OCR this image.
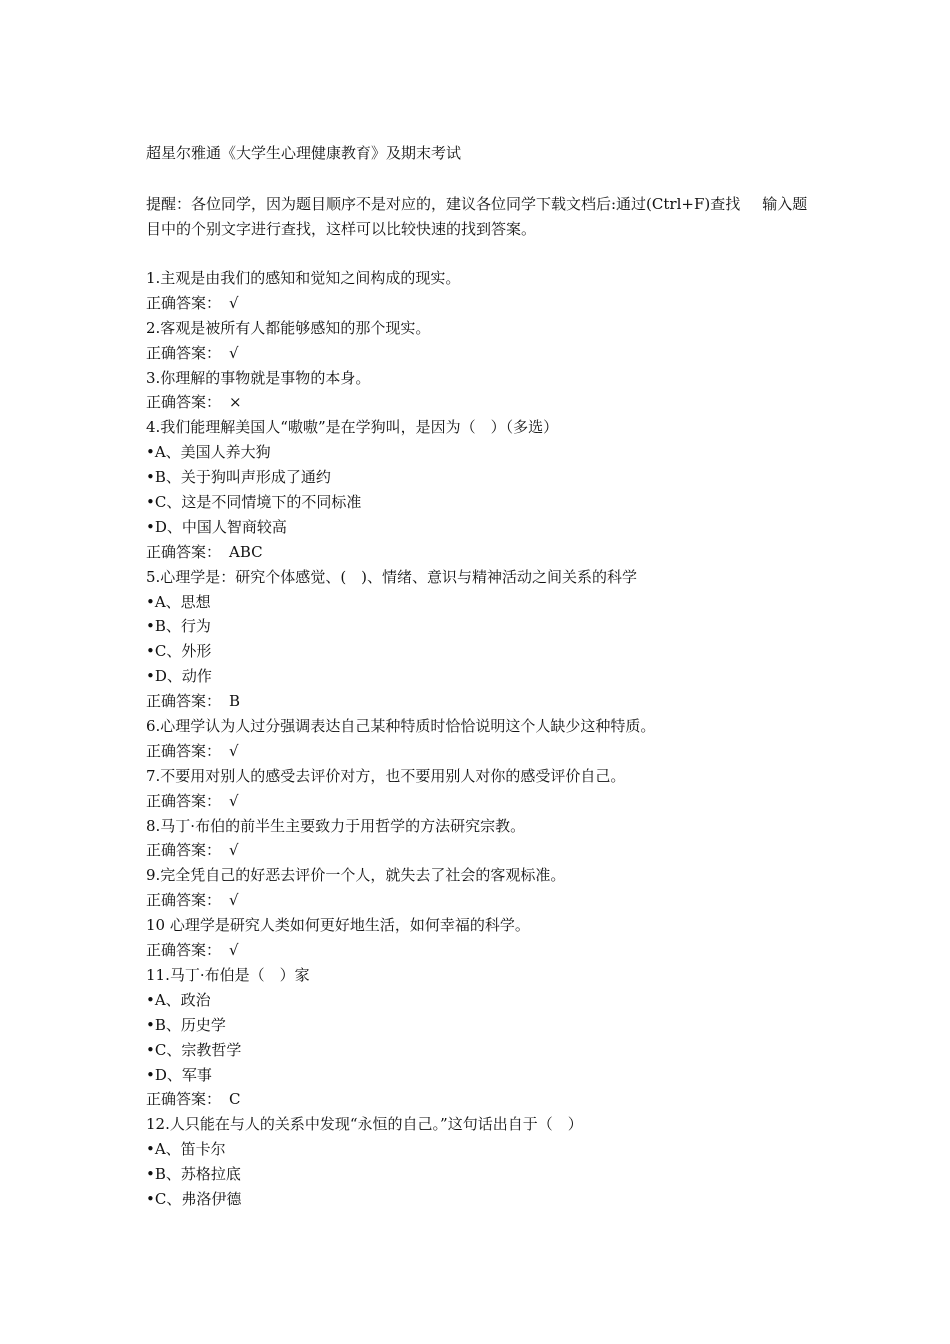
超星尔雅通《大学生心理健康教育》及期末考试
提醒：各位同学，因为题目顺序不是对应的，建议各位同学下载文档后:通过(Ctrl+F)查找 输入题目中的个别文字进行查找，这样可以比较快速的找到答案。
1.主观是由我们的感知和觉知之间构成的现实。
正确答案： √
2.客观是被所有人都能够感知的那个现实。
正确答案： √
3.你理解的事物就是事物的本身。
正确答案： ×
4.我们能理解美国人“嗷嗷”是在学狗叫，是因为（　）（多选）
•A、美国人养大狗
•B、关于狗叫声形成了通约
•C、这是不同情境下的不同标准
•D、中国人智商较高
正确答案： ABC
5.心理学是：研究个体感觉、(　)、情绪、意识与精神活动之间关系的科学
•A、思想
•B、行为
•C、外形
•D、动作
正确答案： B
6.心理学认为人过分强调表达自己某种特质时恰恰说明这个人缺少这种特质。
正确答案： √
7.不要用对别人的感受去评价对方，也不要用别人对你的感受评价自己。
正确答案： √
8.马丁·布伯的前半生主要致力于用哲学的方法研究宗教。
正确答案： √
9.完全凭自己的好恶去评价一个人，就失去了社会的客观标准。
正确答案： √
10 心理学是研究人类如何更好地生活，如何幸福的科学。
正确答案： √
11.马丁·布伯是（　）家
•A、政治
•B、历史学
•C、宗教哲学
•D、军事
正确答案： C
12.人只能在与人的关系中发现“永恒的自己。”这句话出自于（　）
•A、笛卡尔
•B、苏格拉底
•C、弗洛伊德
